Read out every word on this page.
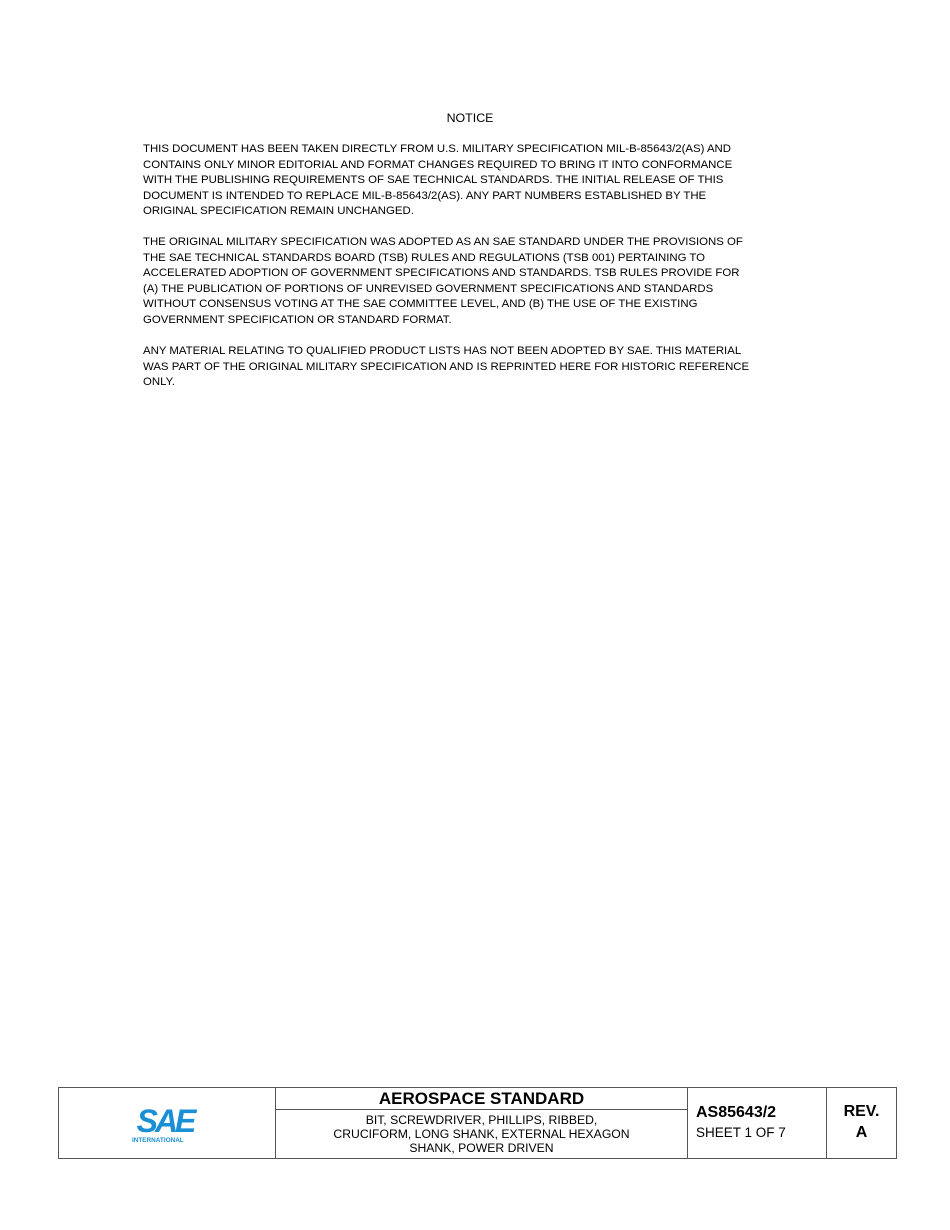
NOTICE
THIS DOCUMENT HAS BEEN TAKEN DIRECTLY FROM U.S. MILITARY SPECIFICATION MIL-B-85643/2(AS) AND
CONTAINS ONLY MINOR EDITORIAL AND FORMAT CHANGES REQUIRED TO BRING IT INTO CONFORMANCE
WITH THE PUBLISHING REQUIREMENTS OF SAE TECHNICAL STANDARDS. THE INITIAL RELEASE OF THIS
DOCUMENT IS INTENDED TO REPLACE MIL-B-85643/2(AS). ANY PART NUMBERS ESTABLISHED BY THE
ORIGINAL SPECIFICATION REMAIN UNCHANGED.
THE ORIGINAL MILITARY SPECIFICATION WAS ADOPTED AS AN SAE STANDARD UNDER THE PROVISIONS OF
THE SAE TECHNICAL STANDARDS BOARD (TSB) RULES AND REGULATIONS (TSB 001) PERTAINING TO
ACCELERATED ADOPTION OF GOVERNMENT SPECIFICATIONS AND STANDARDS. TSB RULES PROVIDE FOR
(A) THE PUBLICATION OF PORTIONS OF UNREVISED GOVERNMENT SPECIFICATIONS AND STANDARDS
WITHOUT CONSENSUS VOTING AT THE SAE COMMITTEE LEVEL, AND (B) THE USE OF THE EXISTING
GOVERNMENT SPECIFICATION OR STANDARD FORMAT.
ANY MATERIAL RELATING TO QUALIFIED PRODUCT LISTS HAS NOT BEEN ADOPTED BY SAE. THIS MATERIAL
WAS PART OF THE ORIGINAL MILITARY SPECIFICATION AND IS REPRINTED HERE FOR HISTORIC REFERENCE
ONLY.
SAE
INTERNATIONAL
AEROSPACE STANDARD
BIT, SCREWDRIVER, PHILLIPS, RIBBED,
CRUCIFORM, LONG SHANK, EXTERNAL HEXAGON
SHANK, POWER DRIVEN
AS85643/2
SHEET 1 OF 7
REV.
A
